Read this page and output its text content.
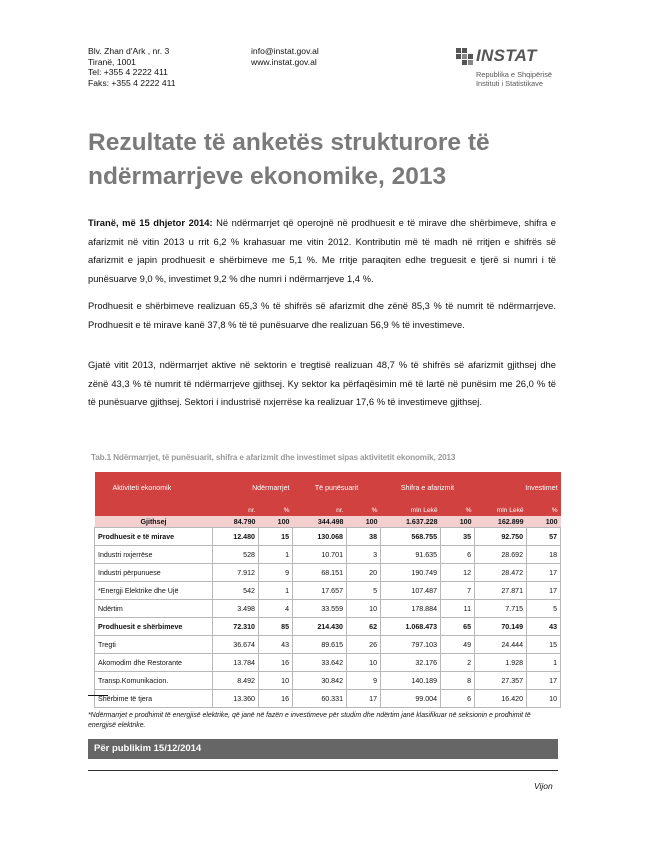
Blv. Zhan d'Ark , nr. 3
Tiranë, 1001
Tel: +355 4 2222 411
Faks: +355 4 2222 411
info@instat.gov.al
www.instat.gov.al	INSTAT
Republika e Shqipërisë
Instituti i Statistikave
Rezultate të anketës strukturore të ndërmarrjeve ekonomike, 2013

Tiranë, më 15 dhjetor 2014: Në ndërmarrjet që operojnë në prodhuesit e të mirave dhe shërbimeve, shifra e afarizmit në vitin 2013 u rrit 6,2 % krahasuar me vitin 2012. Kontributin më të madh në rritjen e shifrës së afarizmit e japin prodhuesit e shërbimeve me 5,1 %. Me rritje paraqiten edhe treguesit e tjerë si numri i të punësuarve 9,0 %, investimet 9,2 % dhe numri i ndërmarrjeve 1,4 %.

Prodhuesit e shërbimeve realizuan 65,3 % të shifrës së afarizmit dhe zënë 85,3 % të numrit të ndërmarrjeve. Prodhuesit e të mirave kanë 37,8 % të të punësuarve dhe realizuan 56,9 % të investimeve.

Gjatë vitit 2013, ndërmarrjet aktive në sektorin e tregtisë realizuan 48,7 % të shifrës së afarizmit gjithsej dhe zënë 43,3 % të numrit të ndërmarrjeve gjithsej. Ky sektor ka përfaqësimin më të lartë në punësim me 26,0 % të të punësuarve gjithsej. Sektori i industrisë nxjerrëse ka realizuar 17,6 % të investimeve gjithsej.

Tab.1 Ndërmarrjet, të punësuarit, shifra e afarizmit dhe investimet sipas aktivitetit ekonomik, 2013
Aktiviteti ekonomik	Ndërmarrjet		Të punësuarit		Shifra e afarizmit		Investimet	
	nr.	%	nr.	%	mln Lekë	%	mln Lekë	%
Gjithsej	84.790	100	344.498	100	1.637.228	100	162.899	100
Prodhuesit e të mirave	12.480	15	130.068	38	568.755	35	92.750	57
Industri nxjerrëse	528	1	10.701	3	91.635	6	28.692	18
Industri përpunuese	7.912	9	68.151	20	190.749	12	28.472	17
*Energji Elektrike dhe Ujë	542	1	17.657	5	107.487	7	27.871	17
Ndërtim	3.498	4	33.559	10	178.884	11	7.715	5
Prodhuesit e shërbimeve	72.310	85	214.430	62	1.068.473	65	70.149	43
Tregti	36.674	43	89.615	26	797.103	49	24.444	15
Akomodim dhe Restorante	13.784	16	33.642	10	32.176	2	1.928	1
Transp.Komunikacion.	8.492	10	30.842	9	140.189	8	27.357	17
Shërbime të tjera	13.360	16	60.331	17	99.004	6	16.420	10

*Ndërmarrjet e prodhimit të energjisë elektrike, që janë në fazën e investimeve për studim dhe ndërtim janë klasifikuar në seksionin e prodhimit të energjisë elektrike.

Për publikim 15/12/2014
Vijon
